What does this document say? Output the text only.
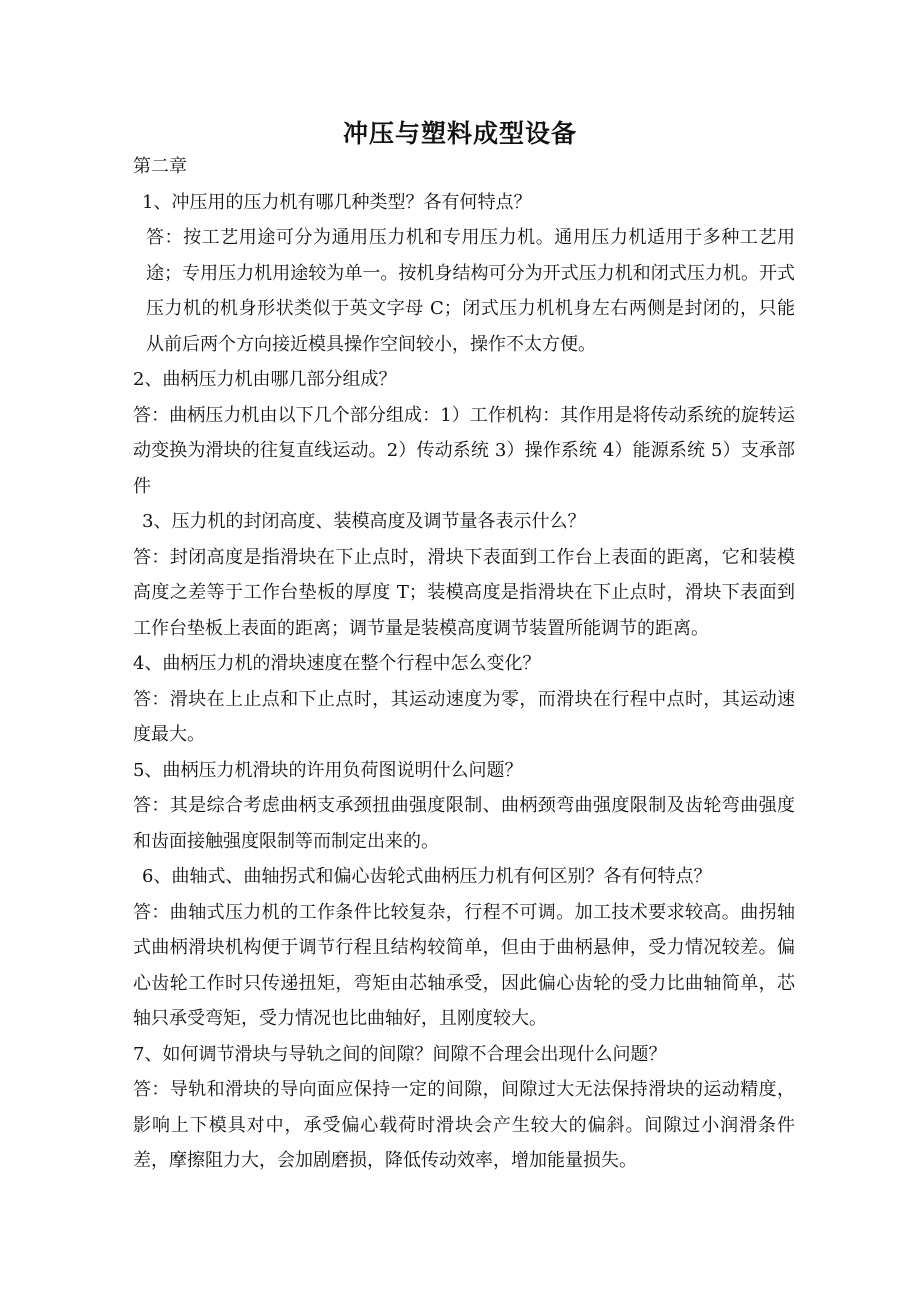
冲压与塑料成型设备

第二章

1、冲压用的压力机有哪几种类型？各有何特点？

答：按工艺用途可分为通用压力机和专用压力机。通用压力机适用于多种工艺用途；专用压力机用途较为单一。按机身结构可分为开式压力机和闭式压力机。开式压力机的机身形状类似于英文字母 C；闭式压力机机身左右两侧是封闭的，只能从前后两个方向接近模具操作空间较小，操作不太方便。

2、曲柄压力机由哪几部分组成？

答：曲柄压力机由以下几个部分组成：1）工作机构：其作用是将传动系统的旋转运动变换为滑块的往复直线运动。2）传动系统 3）操作系统 4）能源系统 5）支承部件

3、压力机的封闭高度、装模高度及调节量各表示什么？

答：封闭高度是指滑块在下止点时，滑块下表面到工作台上表面的距离，它和装模高度之差等于工作台垫板的厚度 T；装模高度是指滑块在下止点时，滑块下表面到工作台垫板上表面的距离；调节量是装模高度调节装置所能调节的距离。

4、曲柄压力机的滑块速度在整个行程中怎么变化？

答：滑块在上止点和下止点时，其运动速度为零，而滑块在行程中点时，其运动速度最大。

5、曲柄压力机滑块的许用负荷图说明什么问题？

答：其是综合考虑曲柄支承颈扭曲强度限制、曲柄颈弯曲强度限制及齿轮弯曲强度和齿面接触强度限制等而制定出来的。

6、曲轴式、曲轴拐式和偏心齿轮式曲柄压力机有何区别？各有何特点？

答：曲轴式压力机的工作条件比较复杂，行程不可调。加工技术要求较高。曲拐轴式曲柄滑块机构便于调节行程且结构较简单，但由于曲柄悬伸，受力情况较差。偏心齿轮工作时只传递扭矩，弯矩由芯轴承受，因此偏心齿轮的受力比曲轴简单，芯轴只承受弯矩，受力情况也比曲轴好，且刚度较大。

7、如何调节滑块与导轨之间的间隙？间隙不合理会出现什么问题？

答：导轨和滑块的导向面应保持一定的间隙，间隙过大无法保持滑块的运动精度，影响上下模具对中，承受偏心载荷时滑块会产生较大的偏斜。间隙过小润滑条件差，摩擦阻力大，会加剧磨损，降低传动效率，增加能量损失。
